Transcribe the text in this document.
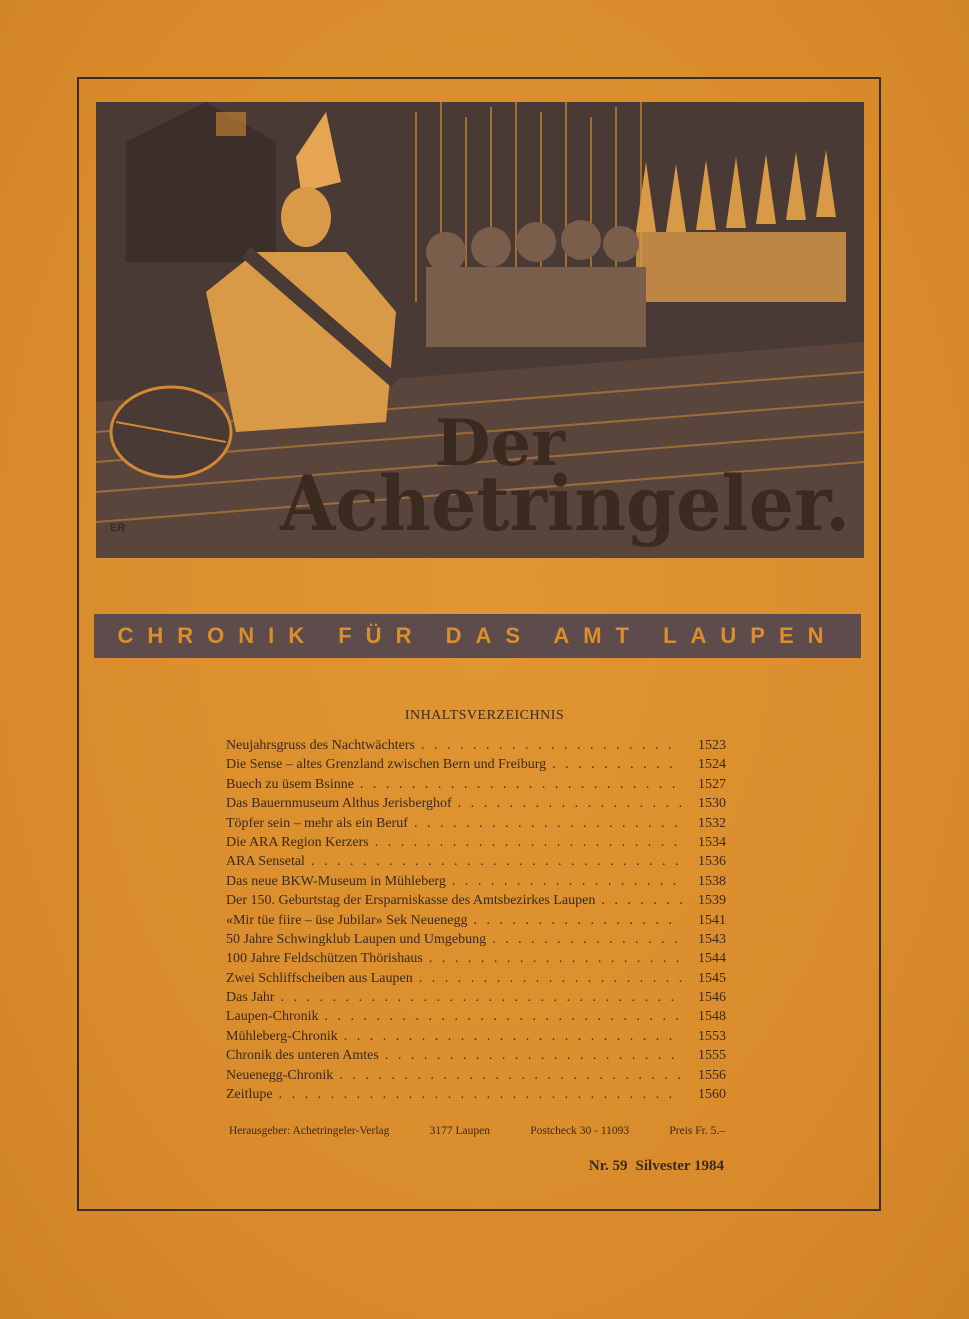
Der
Achetringeler.
ER
CHRONIK FÜR DAS AMT LAUPEN
INHALTSVERZEICHNIS
Neujahrsgruss des Nachtwächters . . .	1523
Die Sense – altes Grenzland zwischen Bern und Freiburg . . .	1524
Buech zu üsem Bsinne . . .	1527
Das Bauernmuseum Althus Jerisberghof . . .	1530
Töpfer sein – mehr als ein Beruf . . .	1532
Die ARA Region Kerzers . . .	1534
ARA Sensetal . . .	1536
Das neue BKW-Museum in Mühleberg . . .	1538
Der 150. Geburtstag der Ersparniskasse des Amtsbezirkes Laupen . . .	1539
«Mir tüe fiire – üse Jubilar» Sek Neuenegg . . .	1541
50 Jahre Schwingklub Laupen und Umgebung . . .	1543
100 Jahre Feldschützen Thörishaus . . .	1544
Zwei Schliffscheiben aus Laupen . . .	1545
Das Jahr . . .	1546
Laupen-Chronik . . .	1548
Mühleberg-Chronik . . .	1553
Chronik des unteren Amtes . . .	1555
Neuenegg-Chronik . . .	1556
Zeitlupe . . .	1560
Herausgeber: Achetringeler-Verlag	3177 Laupen	Postcheck 30 - 11093	Preis Fr. 5.–
Nr. 59 Silvester 1984
